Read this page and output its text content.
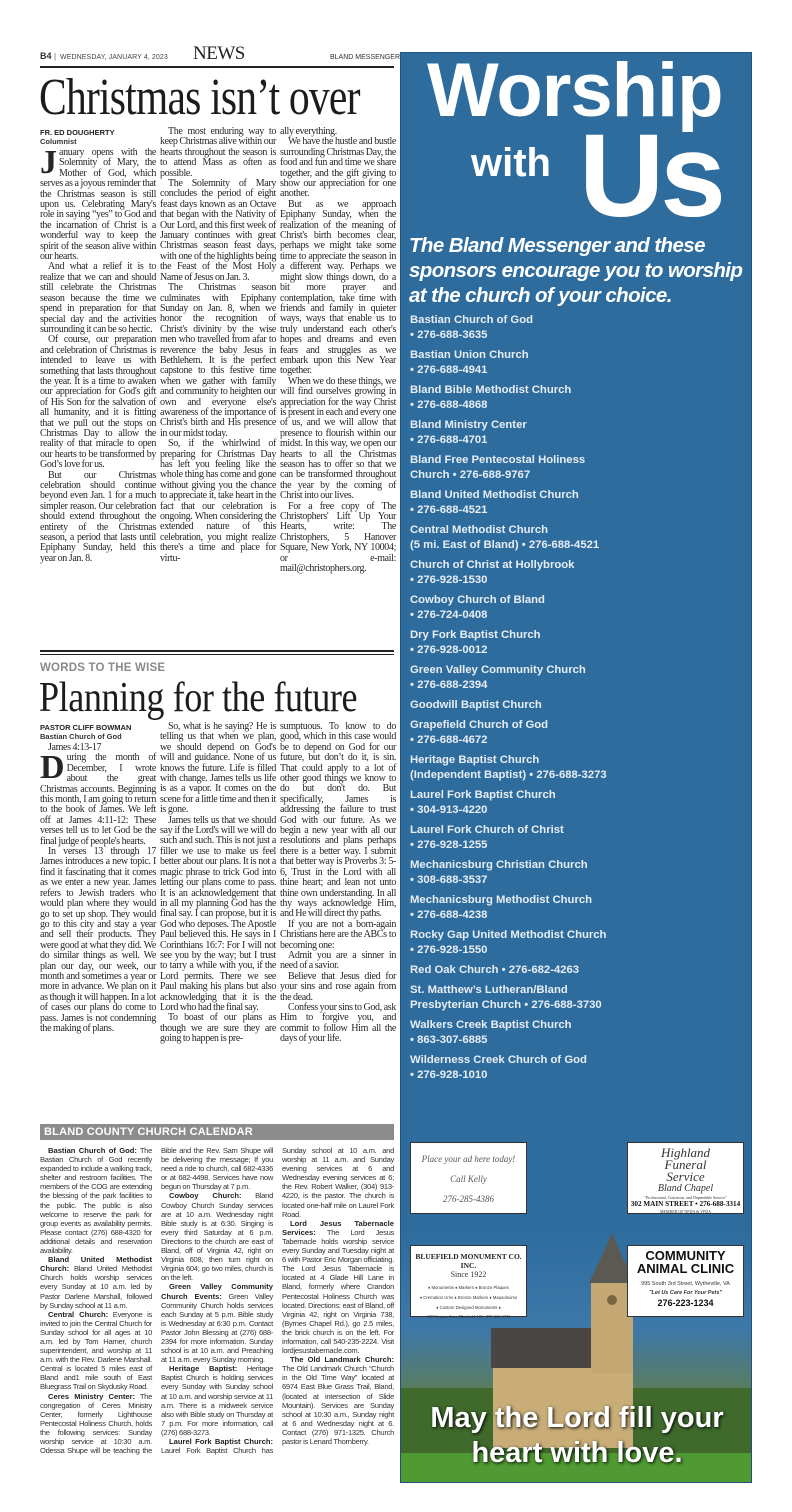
B4 | WEDNESDAY, JANUARY 4, 2023 NEWS	BLAND MESSENGER
Christmas isn’t over
FR. ED DOUGHERTY
Columnist

January opens with the Solemnity of Mary, the Mother of God, which serves as a joyous reminder that the Christmas season is still upon us. Celebrating Mary's role in saying “yes” to God and the incarnation of Christ is a wonderful way to keep the spirit of the season alive within our hearts.

And what a relief it is to realize that we can and should still celebrate the Christmas season because the time we spend in preparation for that special day and the activities surrounding it can be so hectic.

Of course, our preparation and celebration of Christmas is intended to leave us with something that lasts throughout the year. It is a time to awaken our appreciation for God's gift of His Son for the salvation of all humanity, and it is fitting that we pull out the stops on Christmas Day to allow the reality of that miracle to open our hearts to be transformed by God’s love for us.

But our Christmas celebration should continue beyond even Jan. 1 for a much simpler reason. Our celebration should extend throughout the entirety of the Christmas season, a period that lasts until Epiphany Sunday, held this year on Jan. 8.

The most enduring way to keep Christmas alive within our hearts throughout the season is to attend Mass as often as possible.

The Solemnity of Mary concludes the period of eight feast days known as an Octave that began with the Nativity of Our Lord, and this first week of January continues with great Christmas season feast days, with one of the highlights being the Feast of the Most Holy Name of Jesus on Jan. 3.

The Christmas season culminates with Epiphany Sunday on Jan. 8, when we honor the recognition of Christ's divinity by the wise men who travelled from afar to reverence the baby Jesus in Bethlehem. It is the perfect capstone to this festive time when we gather with family and community to heighten our own and everyone else's awareness of the importance of Christ's birth and His presence in our midst today.

So, if the whirlwind of preparing for Christmas Day has left you feeling like the whole thing has come and gone without giving you the chance to appreciate it, take heart in the fact that our celebration is ongoing. When considering the extended nature of this celebration, you might realize there's a time and place for virtu-

ally everything.

We have the hustle and bustle surrounding Christmas Day, the food and fun and time we share together, and the gift giving to show our appreciation for one another.

But as we approach Epiphany Sunday, when the realization of the meaning of Christ's birth becomes clear, perhaps we might take some time to appreciate the season in a different way. Perhaps we might slow things down, do a bit more prayer and contemplation, take time with friends and family in quieter ways, ways that enable us to truly understand each other's hopes and dreams and even fears and struggles as we embark upon this New Year together.

When we do these things, we will find ourselves growing in appreciation for the way Christ is present in each and every one of us, and we will allow that presence to flourish within our midst. In this way, we open our hearts to all the Christmas season has to offer so that we can be transformed throughout the year by the coming of Christ into our lives.

For a free copy of The Christophers' Lift Up Your Hearts, write: The Christophers, 5 Hanover Square, New York, NY 10004; or e-mail: mail@christophers.org.

WORDS TO THE WISE
Planning for the future
PASTOR CLIFF BOWMAN
Bastian Church of God

James 4:13-17

During the month of December, I wrote about the great Christmas accounts. Beginning this month, I am going to return to the book of James. We left off at James 4:11-12: These verses tell us to let God be the final judge of people's hearts.

In verses 13 through 17 James introduces a new topic. I find it fascinating that it comes as we enter a new year. James refers to Jewish traders who would plan where they would go to set up shop. They would go to this city and stay a year and sell their products. They were good at what they did. We do similar things as well. We plan our day, our week, our month and sometimes a year or more in advance. We plan on it as though it will happen. In a lot of cases our plans do come to pass. James is not condemning the making of plans.

So, what is he saying? He is telling us that when we plan, we should depend on God's will and guidance. None of us knows the future. Life is filled with change. James tells us life is as a vapor. It comes on the scene for a little time and then it is gone.

James tells us that we should say if the Lord's will we will do such and such. This is not just a filler we use to make us feel better about our plans. It is not a magic phrase to trick God into letting our plans come to pass. It is an acknowledgement that in all my planning God has the final say. I can propose, but it is God who deposes. The Apostle Paul believed this. He says in I Corinthians 16:7: For I will not see you by the way; but I trust to tarry a while with you, if the Lord permits. There we see Paul making his plans but also acknowledging that it is the Lord who had the final say.

To boast of our plans as though we are sure they are going to happen is pre-

sumptuous. To know to do good, which in this case would be to depend on God for our future, but don’t do it, is sin. That could apply to a lot of other good things we know to do but don't do. But specifically, James is addressing the failure to trust God with our future. As we begin a new year with all our resolutions and plans perhaps there is a better way. I submit that better way is Proverbs 3: 5-6, Trust in the Lord with all thine heart; and lean not unto thine own understanding. In all thy ways acknowledge Him, and He will direct thy paths.

If you are not a born-again Christians here are the ABCs to becoming one:

Admit you are a sinner in need of a savior.

Believe that Jesus died for your sins and rose again from the dead.

Confess your sins to God, ask Him to forgive you, and commit to follow Him all the days of your life.

BLAND COUNTY CHURCH CALENDAR

Bastian Church of God: The Bastian Church of God recently expanded to include a walking track, shelter and restroom facilities. The members of the COG are extending the blessing of the park facilities to the public. The public is also welcome to reserve the park for group events as availability permits. Please contact (276) 688-4320 for additional details and reservation availability.

Bland United Methodist Church: Bland United Methodist Church holds worship services every Sunday at 10 a.m. led by Pastor Darlene Marshall, followed by Sunday school at 11 a.m.

Central Church: Everyone is invited to join the Central Church for Sunday school for all ages at 10 a.m. led by Tom Harner, church superintendent, and worship at 11 a.m. with the Rev. Darlene Marshall. Central is located 5 miles east of Bland and1 mile south of East Bluegrass Trail on Skydusky Road.

Ceres Ministry Center: The congregation of Ceres Ministry Center, formerly Lighthouse Pentecostal Holiness Church, holds the following services: Sunday worship service at 10:30 a.m. Odessa Shupe will be teaching the Bible and the Rev. Sam Shupe will be delivering the message; If you need a ride to church, call 682-4336 or at 682-4498. Services have now begun on Thursday at 7 p.m.

Cowboy Church: Bland Cowboy Church Sunday services are at 10 a.m. Wednesday night Bible study is at 6:30. Singing is every third Saturday at 6 p.m. Directions to the church are east of Bland, off of Virginia 42, right on Virginia 608, then turn right on Virginia 604; go two miles, church is on the left.

Green Valley Community Church Events: Green Valley Community Church holds services each Sunday at 5 p.m. Bible study is Wednesday at 6:30 p.m. Contact Pastor John Blessing at (276) 688-2394 for more information. Sunday school is at 10 a.m. and Preaching at 11 a.m. every Sunday morning.

Heritage Baptist: Heritage Baptist Church is holding services every Sunday with Sunday school at 10 a.m. and worship service at 11 a.m. There is a midweek service also with Bible study on Thursday at 7 p.m. For more information, call (276) 688-3273.

Laurel Fork Baptist Church: Laurel Fork Baptist Church has Sunday school at 10 a.m. and worship at 11 a.m. and Sunday evening services at 6 and Wednesday evening services at 6; the Rev. Robert Walker, (304) 913-4220, is the pastor. The church is located one-half mile on Laurel Fork Road.

Lord Jesus Tabernacle Services: The Lord Jesus Tabernacle holds worship service every Sunday and Tuesday night at 6 with Pastor Eric Morgan officiating. The Lord Jesus Tabernacle is located at 4 Glade Hill Lane in Bland, formerly where Crandon Pentecostal Holiness Church was located. Directions: east of Bland, off Virginia 42, right on Virginia 738, (Byrnes Chapel Rd.), go 2.5 miles, the brick church is on the left. For information, call 540-235-2224. Visit lordjesustabernacle.com.

The Old Landmark Church: The Old Landmark Church “Church in the Old Time Way” located at 6974 East Blue Grass Trail, Bland, (located at intersection of Slide Mountain). Services are Sunday school at 10:30 a.m., Sunday night at 6 and Wednesday night at 6. Contact (276) 971-1325. Church pastor is Lenard Thornberry.

Worship
with Us
The Bland Messenger and these sponsors encourage you to worship at the church of your choice.
Bastian Church of God
• 276-688-3635
Bastian Union Church
• 276-688-4941
Bland Bible Methodist Church
• 276-688-4868
Bland Ministry Center
• 276-688-4701
Bland Free Pentecostal Holiness
Church • 276-688-9767
Bland United Methodist Church
• 276-688-4521
Central Methodist Church
(5 mi. East of Bland) • 276-688-4521
Church of Christ at Hollybrook
• 276-928-1530
Cowboy Church of Bland
• 276-724-0408
Dry Fork Baptist Church
• 276-928-0012
Green Valley Community Church
• 276-688-2394
Goodwill Baptist Church
Grapefield Church of God
• 276-688-4672
Heritage Baptist Church
(Independent Baptist) • 276-688-3273
Laurel Fork Baptist Church
• 304-913-4220
Laurel Fork Church of Christ
• 276-928-1255
Mechanicsburg Christian Church
• 308-688-3537
Mechanicsburg Methodist Church
• 276-688-4238
Rocky Gap United Methodist Church
• 276-928-1550
Red Oak Church • 276-682-4263
St. Matthew’s Lutheran/Bland
Presbyterian Church • 276-688-3730
Walkers Creek Baptist Church
• 863-307-6885
Wilderness Creek Church of God
• 276-928-1010
Place your ad here today!
Call Kelly
276-285-4386
Highland
Funeral
Service
Bland Chapel
"Professional, Courteous, and Dependable Service"
302 MAIN STREET • 276-688-3314
MEMBER OF NFDA & VFDA
BLUEFIELD MONUMENT CO. INC.
Since 1922
♦ Monuments ♦ Markers ♦ Bronze Plaques
♦ Cremation Urns ♦ Bronze Markers ♦ Mausoleums
♦ Custom Designed Monuments ♦
430 Virginia Ave., Bluefield, VA • 276-236-1174
COMMUNITY
ANIMAL CLINIC
995 South 3rd Street, Wytheville, VA
"Let Us Care For Your Pets"
276-223-1234
May the Lord fill your heart with love.
